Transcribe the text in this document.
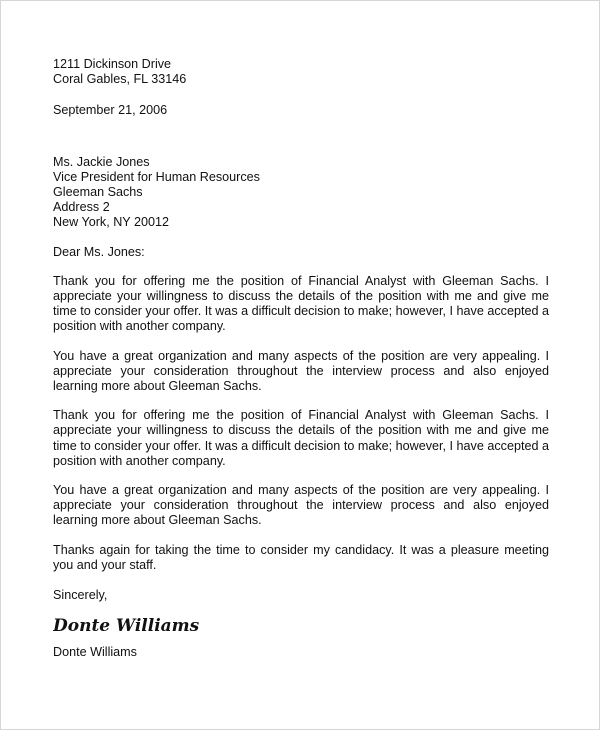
1211 Dickinson Drive
Coral Gables, FL 33146
September 21, 2006
Ms. Jackie Jones
Vice President for Human Resources
Gleeman Sachs
Address 2
New York, NY 20012
Dear Ms. Jones:

Thank you for offering me the position of Financial Analyst with Gleeman Sachs. I appreciate your willingness to discuss the details of the position with me and give me time to consider your offer. It was a difficult decision to make; however, I have accepted a position with another company.

You have a great organization and many aspects of the position are very appealing. I appreciate your consideration throughout the interview process and also enjoyed learning more about Gleeman Sachs.

Thank you for offering me the position of Financial Analyst with Gleeman Sachs. I appreciate your willingness to discuss the details of the position with me and give me time to consider your offer. It was a difficult decision to make; however, I have accepted a position with another company.

You have a great organization and many aspects of the position are very appealing. I appreciate your consideration throughout the interview process and also enjoyed learning more about Gleeman Sachs.

Thanks again for taking the time to consider my candidacy. It was a pleasure meeting you and your staff.

Sincerely,
Donte Williams
Donte Williams
